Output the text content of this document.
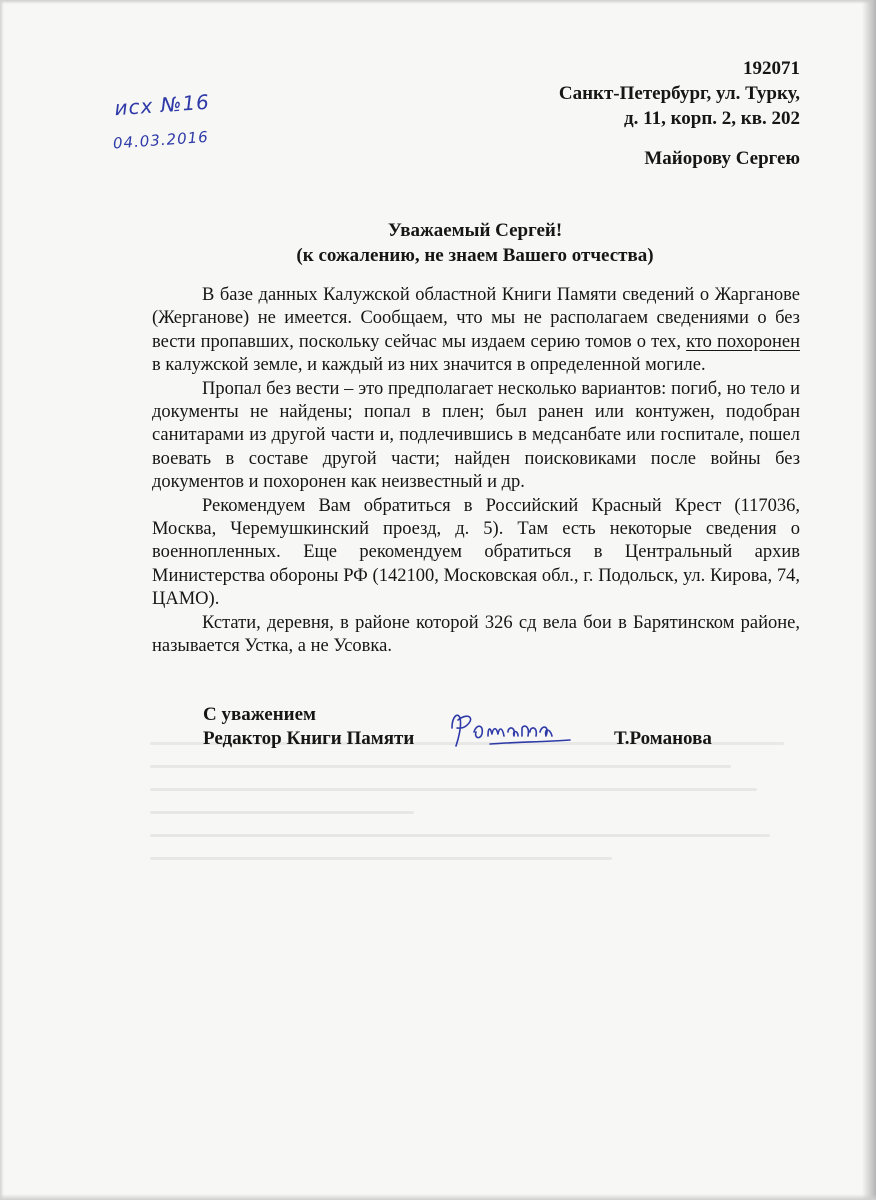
исх №16
04.03.2016
192071
Санкт-Петербург, ул. Турку,
д. 11, корп. 2, кв. 202
Майорову Сергею
Уважаемый Сергей!
(к сожалению, не знаем Вашего отчества)

В базе данных Калужской областной Книги Памяти сведений о Жарганове (Жерганове) не имеется. Сообщаем, что мы не располагаем сведениями о без вести пропавших, поскольку сейчас мы издаем серию томов о тех, кто похоронен в калужской земле, и каждый из них значится в определенной могиле.

Пропал без вести – это предполагает несколько вариантов: погиб, но тело и документы не найдены; попал в плен; был ранен или контужен, подобран санитарами из другой части и, подлечившись в медсанбате или госпитале, пошел воевать в составе другой части; найден поисковиками после войны без документов и похоронен как неизвестный и др.

Рекомендуем Вам обратиться в Российский Красный Крест (117036, Москва, Черемушкинский проезд, д. 5). Там есть некоторые сведения о военнопленных. Еще рекомендуем обратиться в Центральный архив Министерства обороны РФ (142100, Московская обл., г. Подольск, ул. Кирова, 74, ЦАМО).

Кстати, деревня, в районе которой 326 сд вела бои в Барятинском районе, называется Устка, а не Усовка.

С уважением
Редактор Книги Памяти	Т.Романова
